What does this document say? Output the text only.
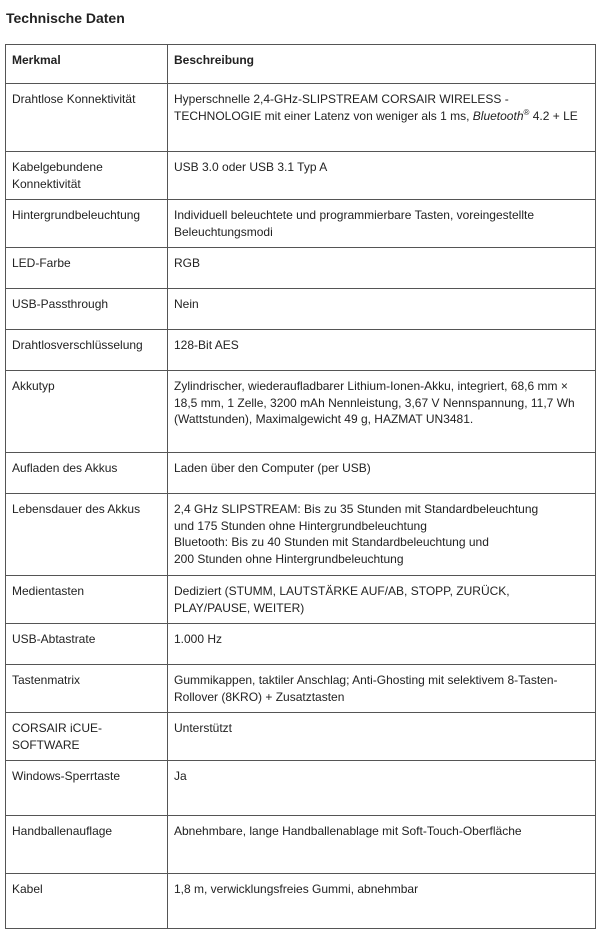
Technische Daten
Merkmal	Beschreibung
Drahtlose Konnektivität	Hyperschnelle 2,4-GHz-SLIPSTREAM CORSAIR WIRELESS -TECHNOLOGIE mit einer Latenz von weniger als 1 ms, Bluetooth® 4.2 + LE
Kabelgebundene Konnektivität	USB 3.0 oder USB 3.1 Typ A
Hintergrundbeleuchtung	Individuell beleuchtete und programmierbare Tasten, voreingestellte Beleuchtungsmodi
LED-Farbe	RGB
USB-Passthrough	Nein
Drahtlosverschlüsselung	128-Bit AES
Akkutyp	Zylindrischer, wiederaufladbarer Lithium-Ionen-Akku, integriert, 68,6 mm × 18,5 mm, 1 Zelle, 3200 mAh Nennleistung, 3,67 V Nennspannung, 11,7 Wh (Wattstunden), Maximalgewicht 49 g, HAZMAT UN3481.
Aufladen des Akkus	Laden über den Computer (per USB)
Lebensdauer des Akkus	2,4 GHz SLIPSTREAM: Bis zu 35 Stunden mit Standardbeleuchtung
und 175 Stunden ohne Hintergrundbeleuchtung
Bluetooth: Bis zu 40 Stunden mit Standardbeleuchtung und
200 Stunden ohne Hintergrundbeleuchtung

Medientasten	Dediziert (STUMM, LAUTSTÄRKE AUF/AB, STOPP, ZURÜCK, PLAY/PAUSE, WEITER)
USB-Abtastrate	1.000 Hz
Tastenmatrix	Gummikappen, taktiler Anschlag; Anti-Ghosting mit selektivem 8-Tasten-Rollover (8KRO) + Zusatztasten
CORSAIR iCUE-SOFTWARE	Unterstützt
Windows-Sperrtaste	Ja
Handballenauflage	Abnehmbare, lange Handballenablage mit Soft-Touch-Oberfläche
Kabel	1,8 m, verwicklungsfreies Gummi, abnehmbar
